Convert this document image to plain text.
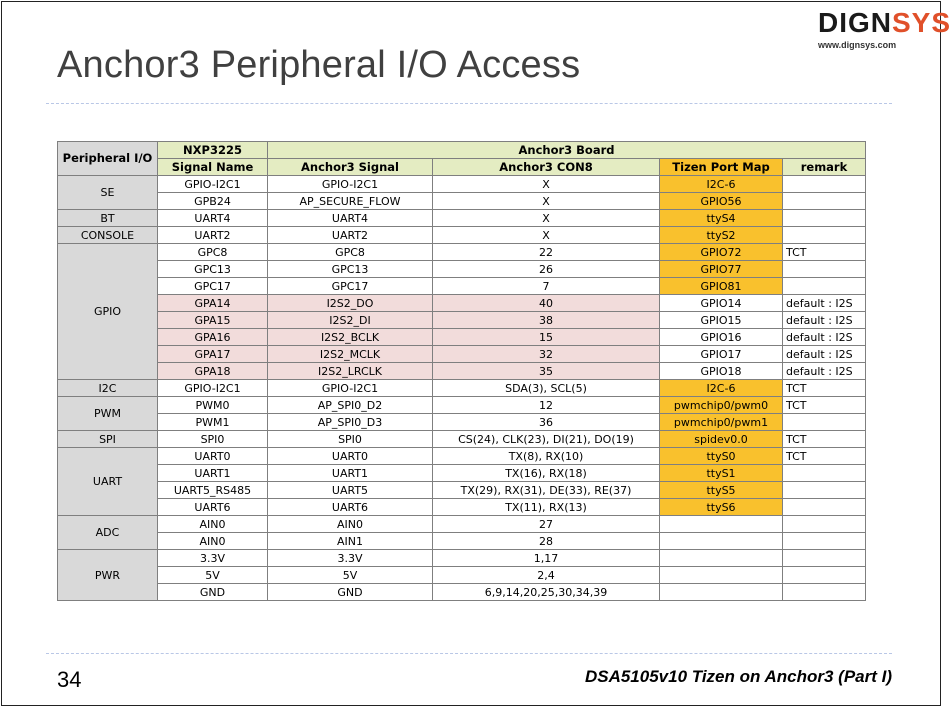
DIGNSYS
www.dignsys.com
Anchor3 Peripheral I/O Access
Peripheral I/O	NXP3225	Anchor3 Board			
	Signal Name	Anchor3 Signal	Anchor3 CON8	Tizen Port Map	remark
SE	GPIO-I2C1	GPIO-I2C1	X	I2C-6	
	GPB24	AP_SECURE_FLOW	X	GPIO56	
BT	UART4	UART4	X	ttyS4	
CONSOLE	UART2	UART2	X	ttyS2	
GPIO	GPC8	GPC8	22	GPIO72	TCT
	GPC13	GPC13	26	GPIO77	
	GPC17	GPC17	7	GPIO81	
	GPA14	I2S2_DO	40	GPIO14	default : I2S
	GPA15	I2S2_DI	38	GPIO15	default : I2S
	GPA16	I2S2_BCLK	15	GPIO16	default : I2S
	GPA17	I2S2_MCLK	32	GPIO17	default : I2S
	GPA18	I2S2_LRCLK	35	GPIO18	default : I2S
I2C	GPIO-I2C1	GPIO-I2C1	SDA(3), SCL(5)	I2C-6	TCT
PWM	PWM0	AP_SPI0_D2	12	pwmchip0/pwm0	TCT
	PWM1	AP_SPI0_D3	36	pwmchip0/pwm1	
SPI	SPI0	SPI0	CS(24), CLK(23), DI(21), DO(19)	spidev0.0	TCT
UART	UART0	UART0	TX(8), RX(10)	ttyS0	TCT
	UART1	UART1	TX(16), RX(18)	ttyS1	
	UART5_RS485	UART5	TX(29), RX(31), DE(33), RE(37)	ttyS5	
	UART6	UART6	TX(11), RX(13)	ttyS6	
ADC	AIN0	AIN0	27		
	AIN0	AIN1	28		
PWR	3.3V	3.3V	1,17		
	5V	5V	2,4		
	GND	GND	6,9,14,20,25,30,34,39		
34	DSA5105v10 Tizen on Anchor3 (Part I)
